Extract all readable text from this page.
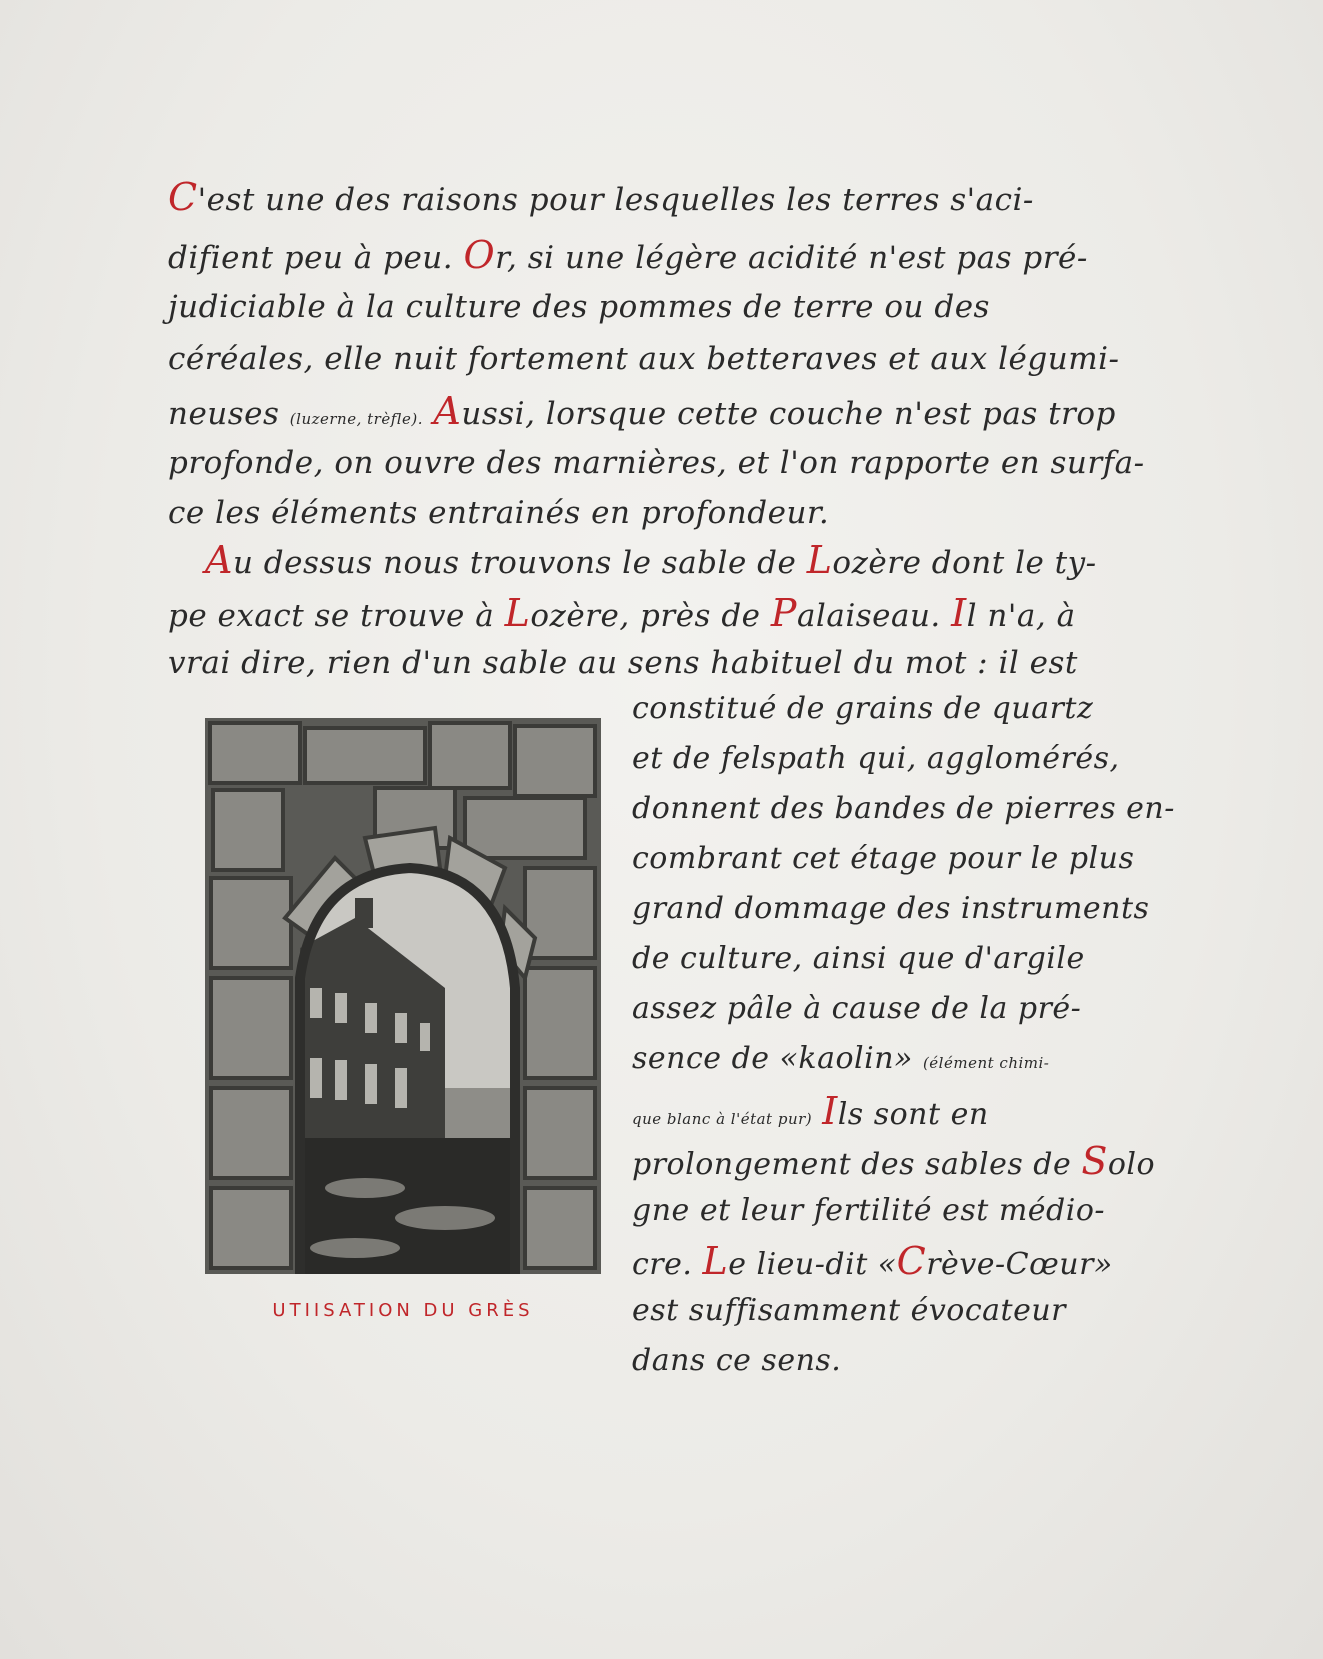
C'est une des raisons pour lesquelles les terres s'aci-
difient peu à peu. Or, si une légère acidité n'est pas pré-
judiciable à la culture des pommes de terre ou des
céréales, elle nuit fortement aux betteraves et aux légumi-
neuses (luzerne, trèfle). Aussi, lorsque cette couche n'est pas trop
profonde, on ouvre des marnières, et l'on rapporte en surfa-
ce les éléments entrainés en profondeur.
Au dessus nous trouvons le sable de Lozère dont le ty-
pe exact se trouve à Lozère, près de Palaiseau. Il n'a, à
vrai dire, rien d'un sable au sens habituel du mot : il est
constitué de grains de quartz
et de felspath qui, agglomérés,
donnent des bandes de pierres en-
combrant cet étage pour le plus
grand dommage des instruments
de culture, ainsi que d'argile
assez pâle à cause de la pré-
sence de «kaolin» (élément chimi-
que blanc à l'état pur) Ils sont en
prolongement des sables de Solo
gne et leur fertilité est médio-
cre. Le lieu-dit «Crève-Cœur»
est suffisamment évocateur
dans ce sens.
UTIISATION DU GRÈS
